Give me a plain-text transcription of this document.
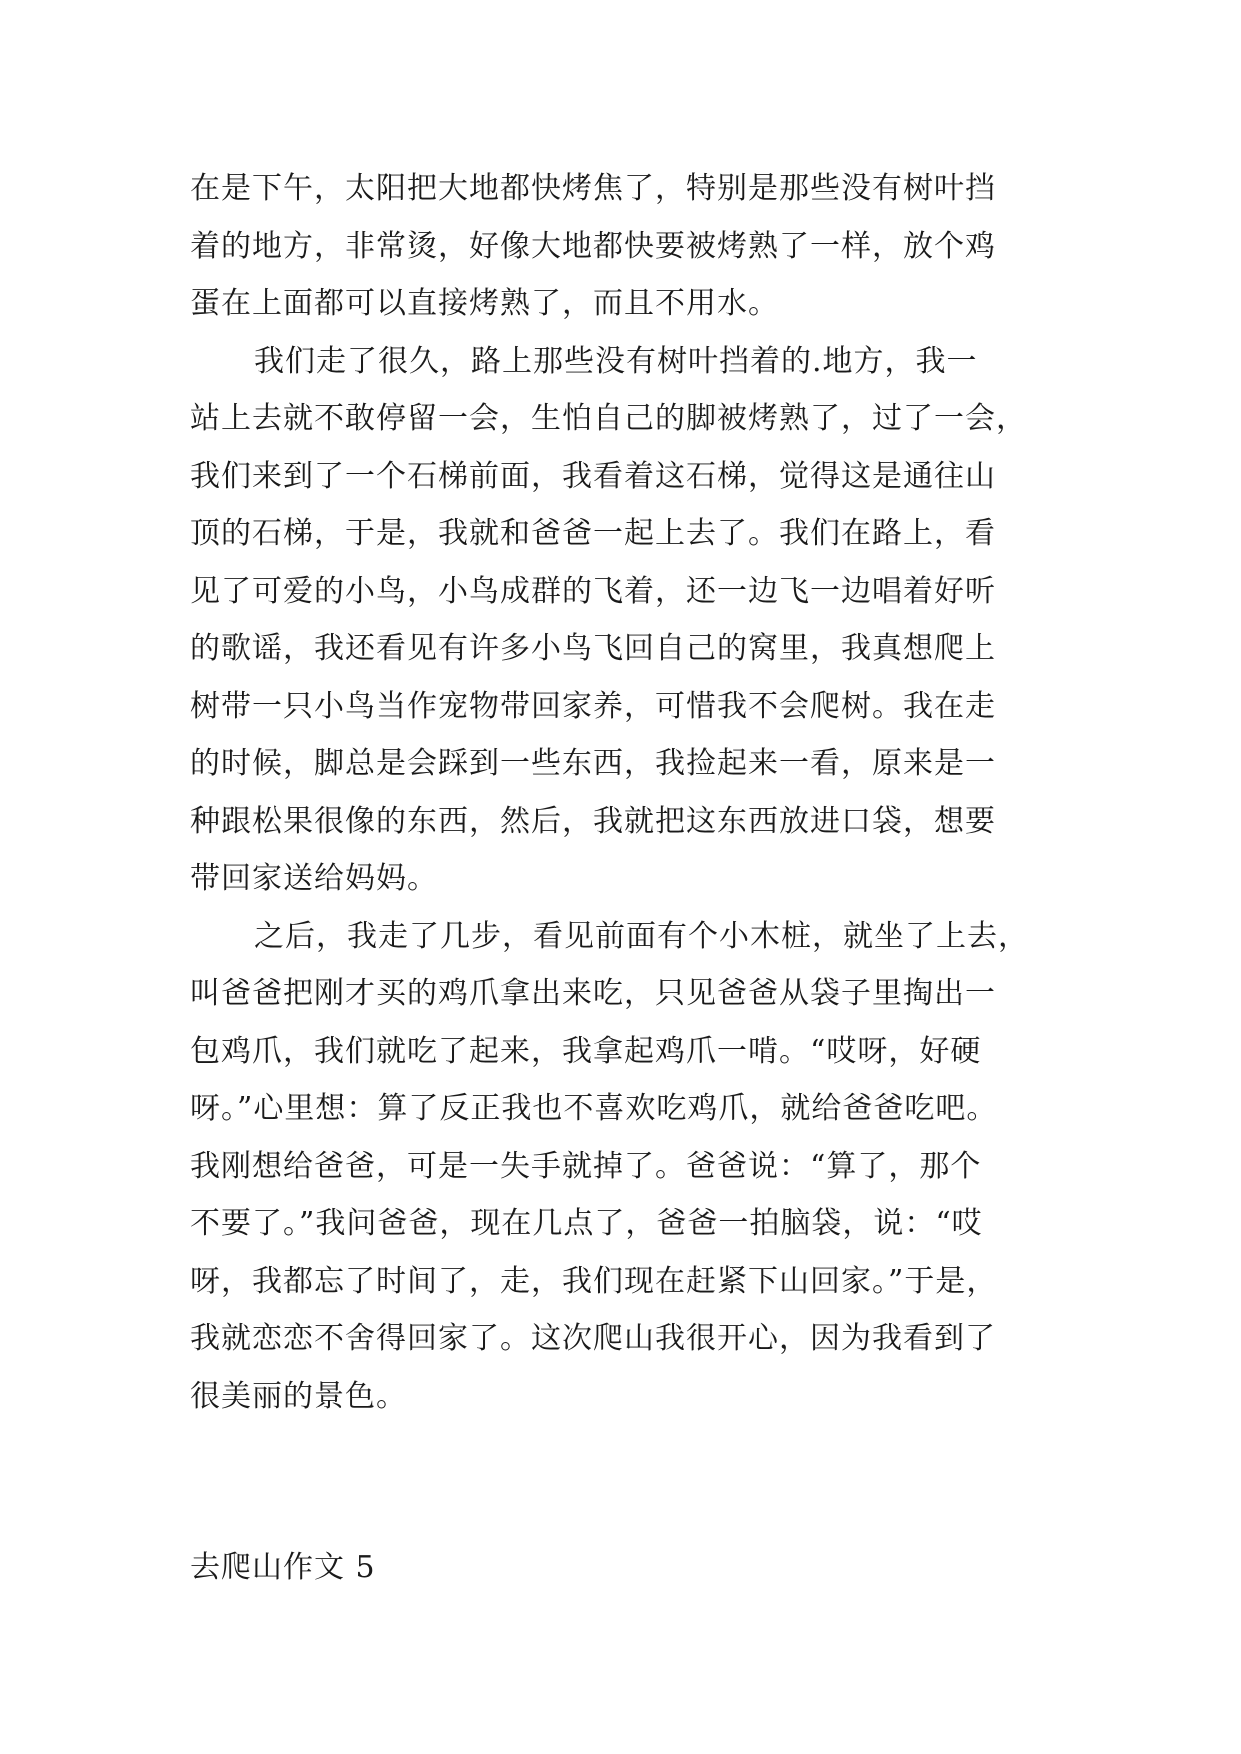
在是下午，太阳把大地都快烤焦了，特别是那些没有树叶挡
着的地方，非常烫，好像大地都快要被烤熟了一样，放个鸡
蛋在上面都可以直接烤熟了，而且不用水。
我们走了很久，路上那些没有树叶挡着的.地方，我一
站上去就不敢停留一会，生怕自己的脚被烤熟了，过了一会，
我们来到了一个石梯前面，我看着这石梯，觉得这是通往山
顶的石梯，于是，我就和爸爸一起上去了。我们在路上，看
见了可爱的小鸟，小鸟成群的飞着，还一边飞一边唱着好听
的歌谣，我还看见有许多小鸟飞回自己的窝里，我真想爬上
树带一只小鸟当作宠物带回家养，可惜我不会爬树。我在走
的时候，脚总是会踩到一些东西，我捡起来一看，原来是一
种跟松果很像的东西，然后，我就把这东西放进口袋，想要
带回家送给妈妈。
之后，我走了几步，看见前面有个小木桩，就坐了上去，
叫爸爸把刚才买的鸡爪拿出来吃，只见爸爸从袋子里掏出一
包鸡爪，我们就吃了起来，我拿起鸡爪一啃。“哎呀，好硬
呀。”心里想：算了反正我也不喜欢吃鸡爪，就给爸爸吃吧。
我刚想给爸爸，可是一失手就掉了。爸爸说：“算了，那个
不要了。”我问爸爸，现在几点了，爸爸一拍脑袋，说：“哎
呀，我都忘了时间了，走，我们现在赶紧下山回家。”于是，
我就恋恋不舍得回家了。这次爬山我很开心，因为我看到了
很美丽的景色。
去爬山作文 5
